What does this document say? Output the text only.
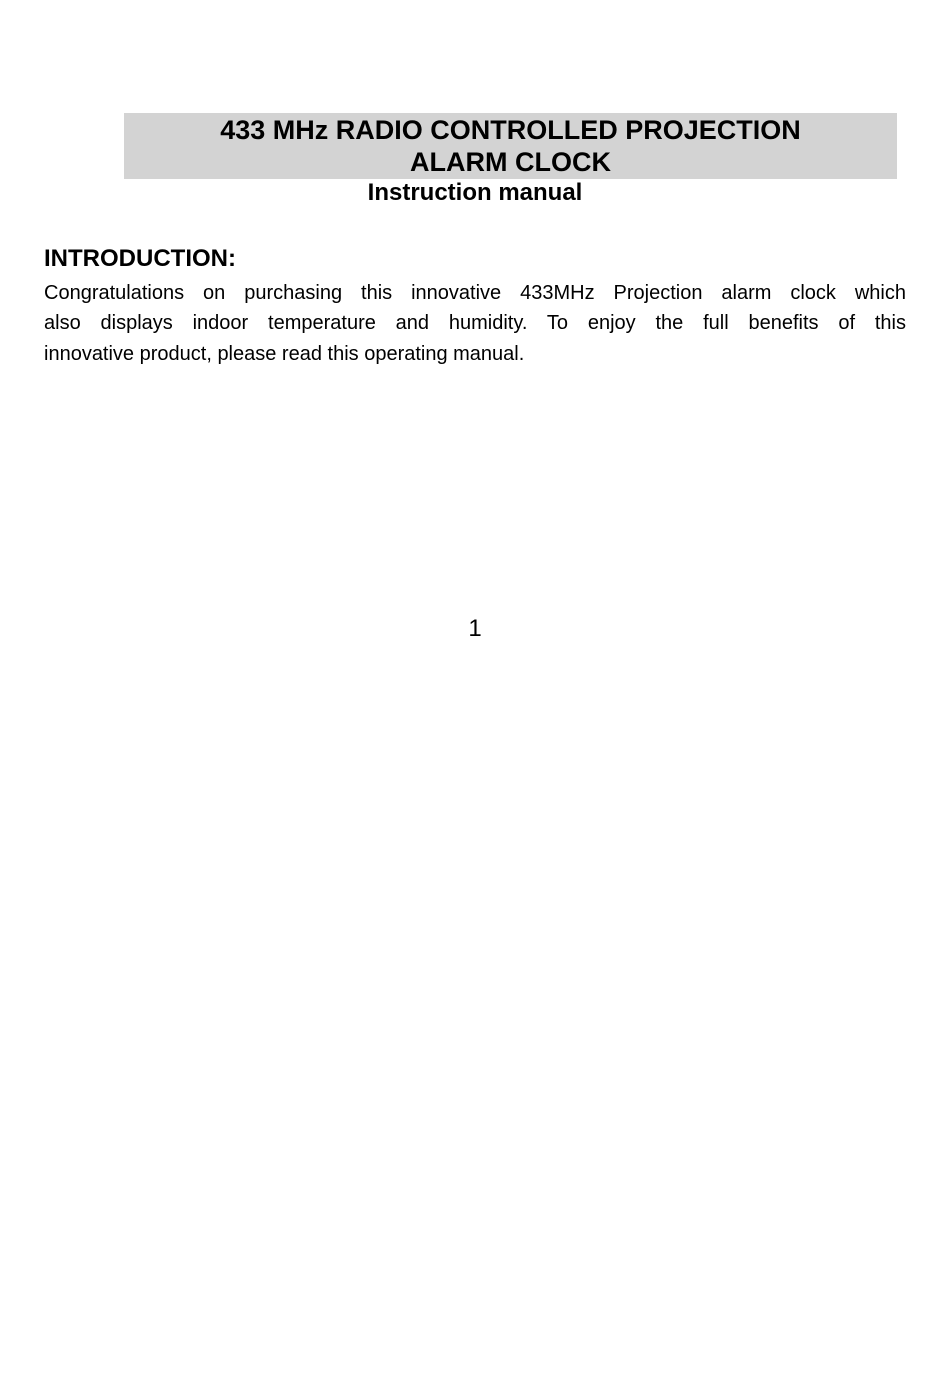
433 MHz RADIO CONTROLLED PROJECTION
ALARM CLOCK
Instruction manual
INTRODUCTION:

Congratulations on purchasing this innovative 433MHz Projection alarm clock which

also displays indoor temperature and humidity. To enjoy the full benefits of this

innovative product, please read this operating manual.

1
